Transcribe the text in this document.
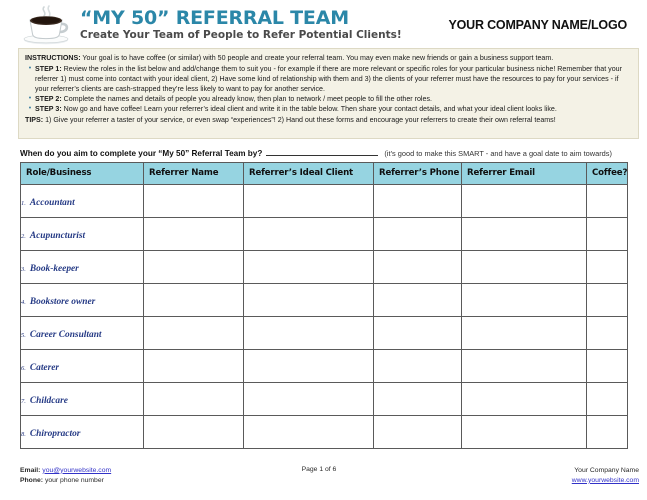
“MY 50” REFERRAL TEAM
Create Your Team of People to Refer Potential Clients!
YOUR COMPANY NAME/LOGO

INSTRUCTIONS: Your goal is to have coffee (or similar) with 50 people and create your referral team. You may even make new friends or gain a business support team.

• STEP 1: Review the roles in the list below and add/change them to suit you - for example if there are more relevant or specific roles for your particular business niche! Remember that your referrer 1) must come into contact with your ideal client, 2) Have some kind of relationship with them and 3) the clients of your referrer must have the resources to pay for your services - if your referrer’s clients are cash-strapped they’re less likely to want to pay for another service.
• STEP 2: Complete the names and details of people you already know, then plan to network / meet people to fill the other roles.
• STEP 3: Now go and have coffee! Learn your referrer’s ideal client and write it in the table below. Then share your contact details, and what your ideal client looks like.

TIPS: 1) Give your referrer a taster of your service, or even swap “experiences”! 2) Hand out these forms and encourage your referrers to create their own referral teams!

When do you aim to complete your “My 50” Referral Team by?	(it’s good to make this SMART - and have a goal date to aim towards)
Role/Business	Referrer Name	Referrer’s Ideal Client	Referrer’s Phone	Referrer Email	Coffee?
1. Accountant					
2. Acupuncturist					
3. Book-keeper					
4. Bookstore owner					
5. Career Consultant					
6. Caterer					
7. Childcare					
8. Chiropractor					
Email: you@yourwebsite.com
Phone: your phone number
Page 1 of 6	Your Company Name
www.yourwebsite.com
